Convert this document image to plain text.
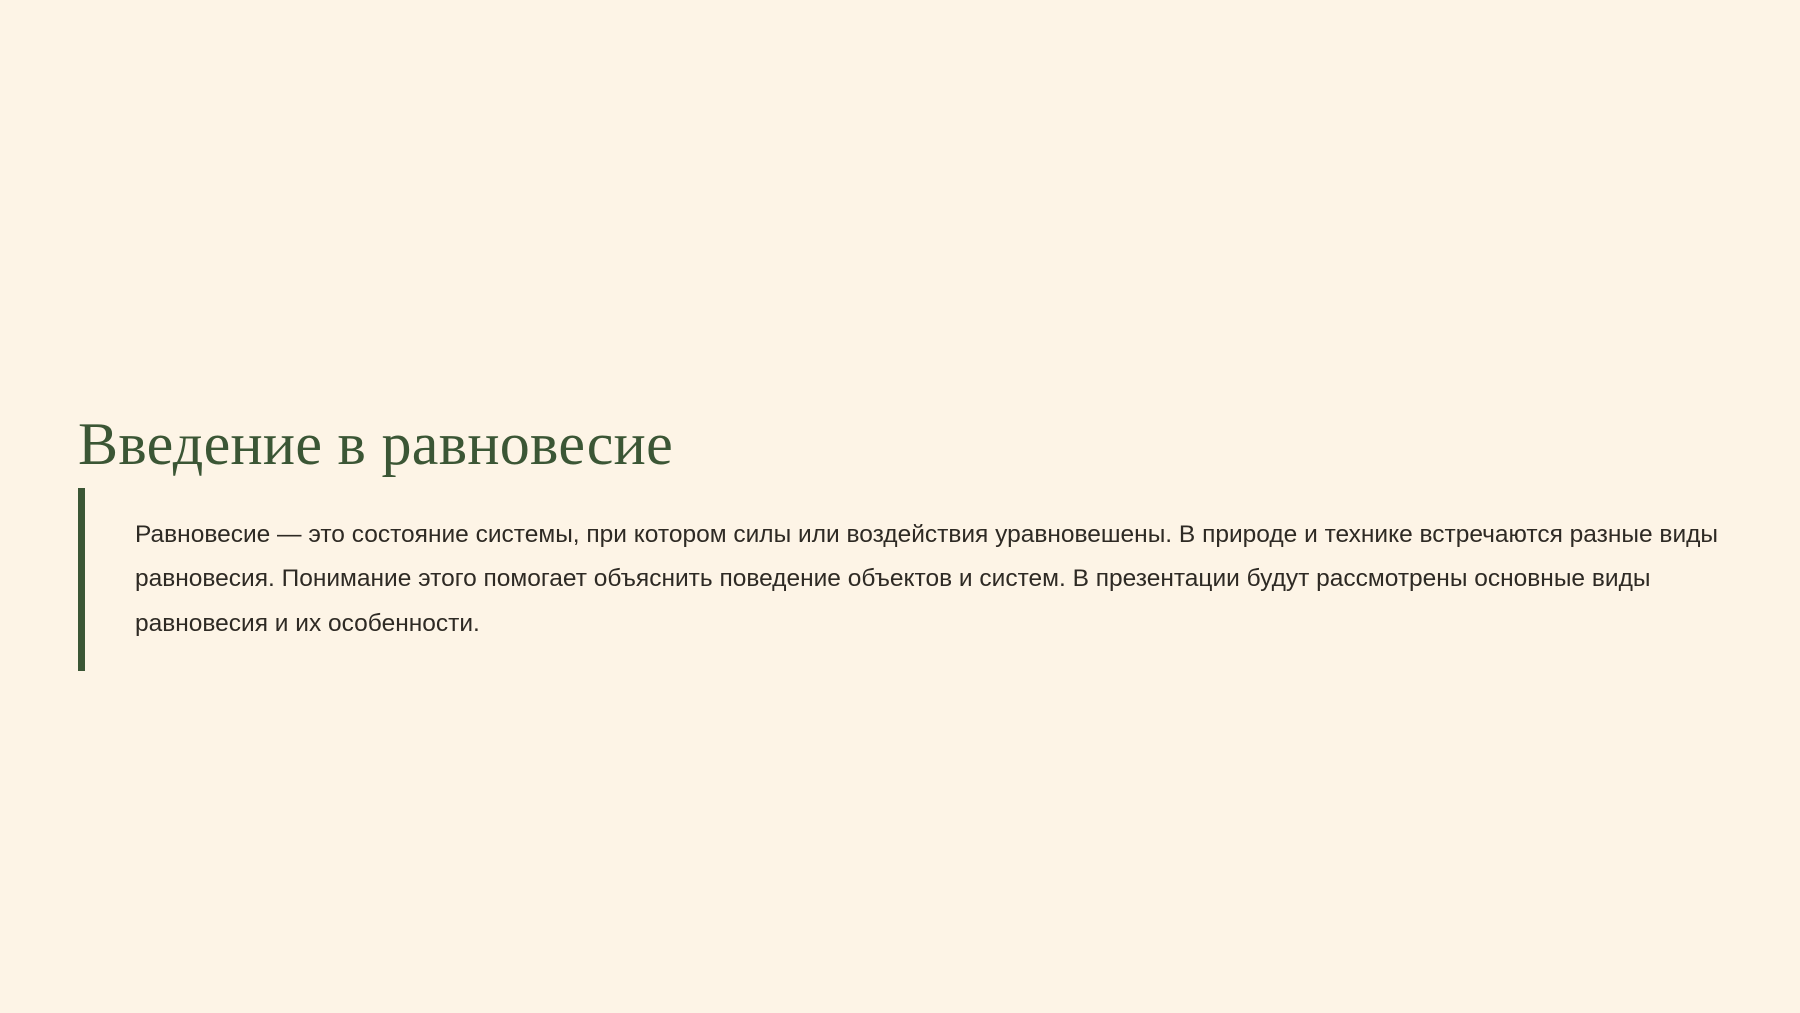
Введение в равновесие

Равновесие — это состояние системы, при котором силы или воздействия уравновешены. В природе и технике встречаются разные виды равновесия. Понимание этого помогает объяснить поведение объектов и систем. В презентации будут рассмотрены основные виды равновесия и их особенности.
